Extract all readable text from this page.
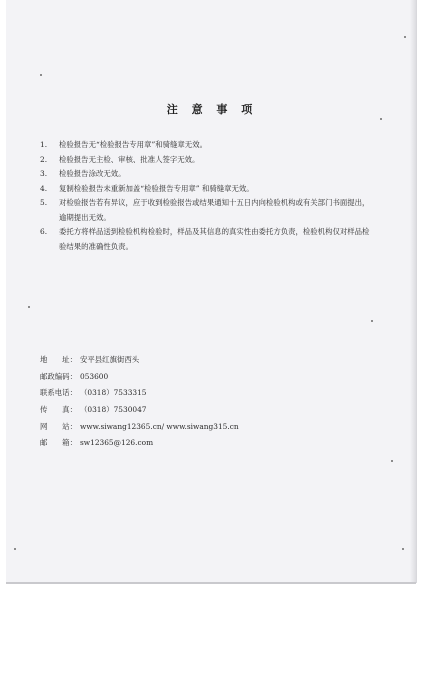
注 意 事 项
1.	检验报告无“检验报告专用章”和骑缝章无效。
2.	检验报告无主检、审核、批准人签字无效。
3.	检验报告涂改无效。
4.	复制检验报告未重新加盖“检验报告专用章” 和骑缝章无效。
5.	对检验报告若有异议，应于收到检验报告或结果通知十五日内向检验机构或有关部门书面提出，逾期提出无效。
6.	委托方将样品送到检验机构检验时，样品及其信息的真实性由委托方负责，检验机构仅对样品检验结果的准确性负责。
地　　址： 安平县红旗街西头
邮政编码： 053600
联系电话： （0318）7533315
传　　真： （0318）7530047
网　　站： www.siwang12365.cn/ www.siwang315.cn
邮　　箱： sw12365@126.com
